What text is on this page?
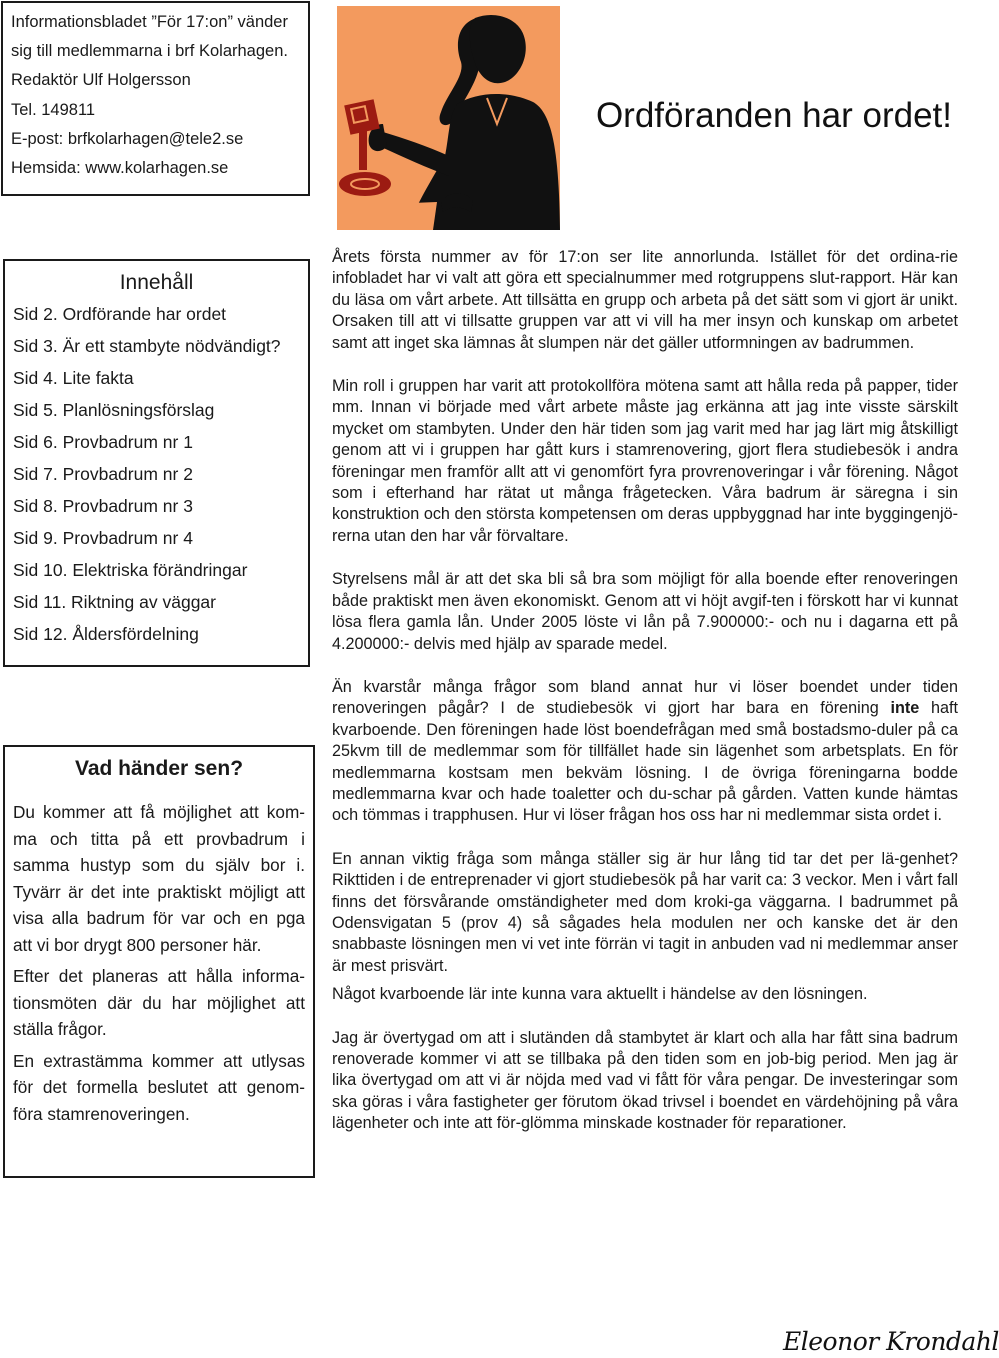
Informationsbladet ”För 17:on” vänder
sig till medlemmarna i brf Kolarhagen.
Redaktör Ulf Holgersson
Tel. 149811
E-post: brfkolarhagen@tele2.se
Hemsida: www.kolarhagen.se
Ordföranden har ordet!
Innehåll
Sid 2. Ordförande har ordet
Sid 3. Är ett stambyte nödvändigt?
Sid 4. Lite fakta
Sid 5. Planlösningsförslag
Sid 6. Provbadrum nr 1
Sid 7. Provbadrum nr 2
Sid 8. Provbadrum nr 3
Sid 9. Provbadrum nr 4
Sid 10. Elektriska förändringar
Sid 11. Riktning av väggar
Sid 12. Åldersfördelning
Vad händer sen?

Du kommer att få möjlighet att kom-ma och titta på ett provbadrum i samma hustyp som du själv bor i. Tyvärr är det inte praktiskt möjligt att visa alla badrum för var och en pga att vi bor drygt 800 personer här.

Efter det planeras att hålla informa-tionsmöten där du har möjlighet att ställa frågor.

En extrastämma kommer att utlysas för det formella beslutet att genom-föra stamrenoveringen.

Årets första nummer av för 17:on ser lite annorlunda. Istället för det ordina-rie infobladet har vi valt att göra ett specialnummer med rotgruppens slut-rapport. Här kan du läsa om vårt arbete. Att tillsätta en grupp och arbeta på det sätt som vi gjort är unikt. Orsaken till att vi tillsatte gruppen var att vi vill ha mer insyn och kunskap om arbetet samt att inget ska lämnas åt slumpen när det gäller utformningen av badrummen.

Min roll i gruppen har varit att protokollföra mötena samt att hålla reda på papper, tider mm. Innan vi började med vårt arbete måste jag erkänna att jag inte visste särskilt mycket om stambyten. Under den här tiden som jag varit med har jag lärt mig åtskilligt genom att vi i gruppen har gått kurs i stamrenovering, gjort flera studiebesök i andra föreningar men framför allt att vi genomfört fyra provrenoveringar i vår förening. Något som i efterhand har rätat ut många frågetecken. Våra badrum är säregna i sin konstruktion och den största kompetensen om deras uppbyggnad har inte byggingenjö-rerna utan den har vår förvaltare.

Styrelsens mål är att det ska bli så bra som möjligt för alla boende efter renoveringen både praktiskt men även ekonomiskt. Genom att vi höjt avgif-ten i förskott har vi kunnat lösa flera gamla lån. Under 2005 löste vi lån på 7.900000:- och nu i dagarna ett på 4.200000:- delvis med hjälp av sparade medel.

Än kvarstår många frågor som bland annat hur vi löser boendet under tiden renoveringen pågår? I de studiebesök vi gjort har bara en förening inte haft kvarboende. Den föreningen hade löst boendefrågan med små bostadsmo-duler på ca 25kvm till de medlemmar som för tillfället hade sin lägenhet som arbetsplats. En för medlemmarna kostsam men bekväm lösning. I de övriga föreningarna bodde medlemmarna kvar och hade toaletter och du-schar på gården. Vatten kunde hämtas och tömmas i trapphusen. Hur vi löser frågan hos oss har ni medlemmar sista ordet i.

En annan viktig fråga som många ställer sig är hur lång tid tar det per lä-genhet? Rikttiden i de entreprenader vi gjort studiebesök på har varit ca: 3 veckor. Men i vårt fall finns det försvårande omständigheter med dom kroki-ga väggarna. I badrummet på Odensvigatan 5 (prov 4) så sågades hela modulen ner och kanske det är den snabbaste lösningen men vi vet inte förrän vi tagit in anbuden vad ni medlemmar anser är mest prisvärt.

Något kvarboende lär inte kunna vara aktuellt i händelse av den lösningen.

Jag är övertygad om att i slutänden då stambytet är klart och alla har fått sina badrum renoverade kommer vi att se tillbaka på den tiden som en job-big period. Men jag är lika övertygad om att vi är nöjda med vad vi fått för våra pengar. De investeringar som ska göras i våra fastigheter ger förutom ökad trivsel i boendet en värdehöjning på våra lägenheter och inte att för-glömma minskade kostnader för reparationer.

Eleonor Krondahl
